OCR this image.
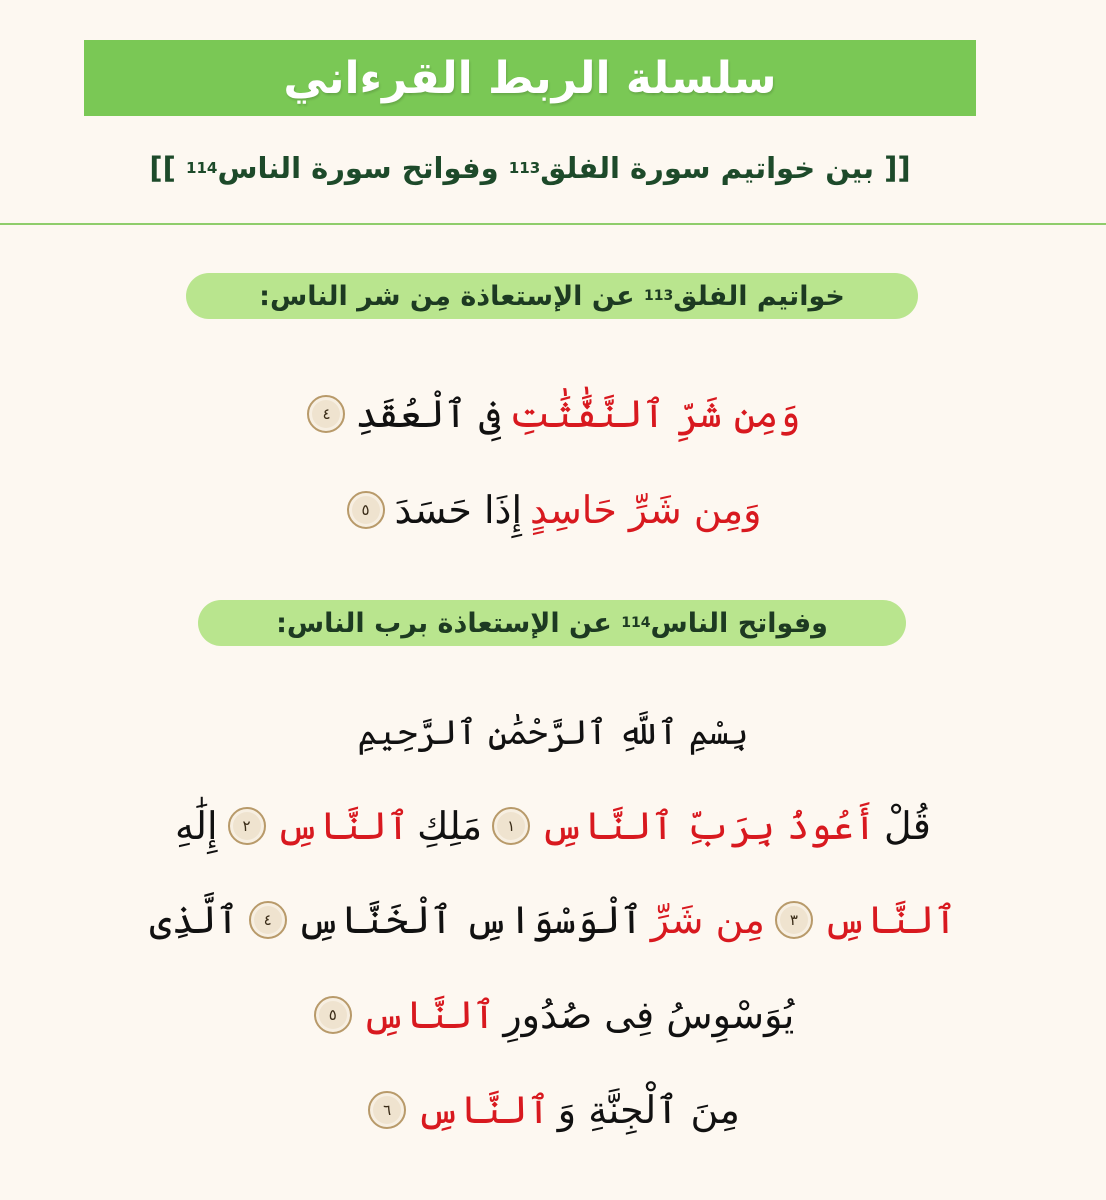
سلسلة الربط القرءاني
[[

بين خواتيم سورة الفلق
113

وفواتح سورة الناس
114

]]
خواتيم الفلق
113

عن الإستعاذة مِن شر الناس:
وَمِن شَرِّ ٱلنَّفَّٰثَٰتِ
فِى ٱلْعُقَدِ
٤
وَمِن شَرِّ حَاسِدٍ
إِذَا حَسَدَ
٥
وفواتح الناس
114

عن الإستعاذة برب الناس:
بِسْمِ ٱللَّهِ ٱلرَّحْمَٰنِ ٱلرَّحِيمِ
قُلْ
أَعُوذُ بِرَبِّ ٱلنَّاسِ
١
مَلِكِ
ٱلنَّاسِ
٢
إِلَٰهِ
ٱلنَّاسِ
٣
مِن شَرِّ
ٱلْوَسْوَاسِ ٱلْخَنَّاسِ
٤
ٱلَّذِى
يُوَسْوِسُ فِى صُدُورِ
ٱلنَّاسِ
٥
مِنَ ٱلْجِنَّةِ وَ
ٱلنَّاسِ
٦
